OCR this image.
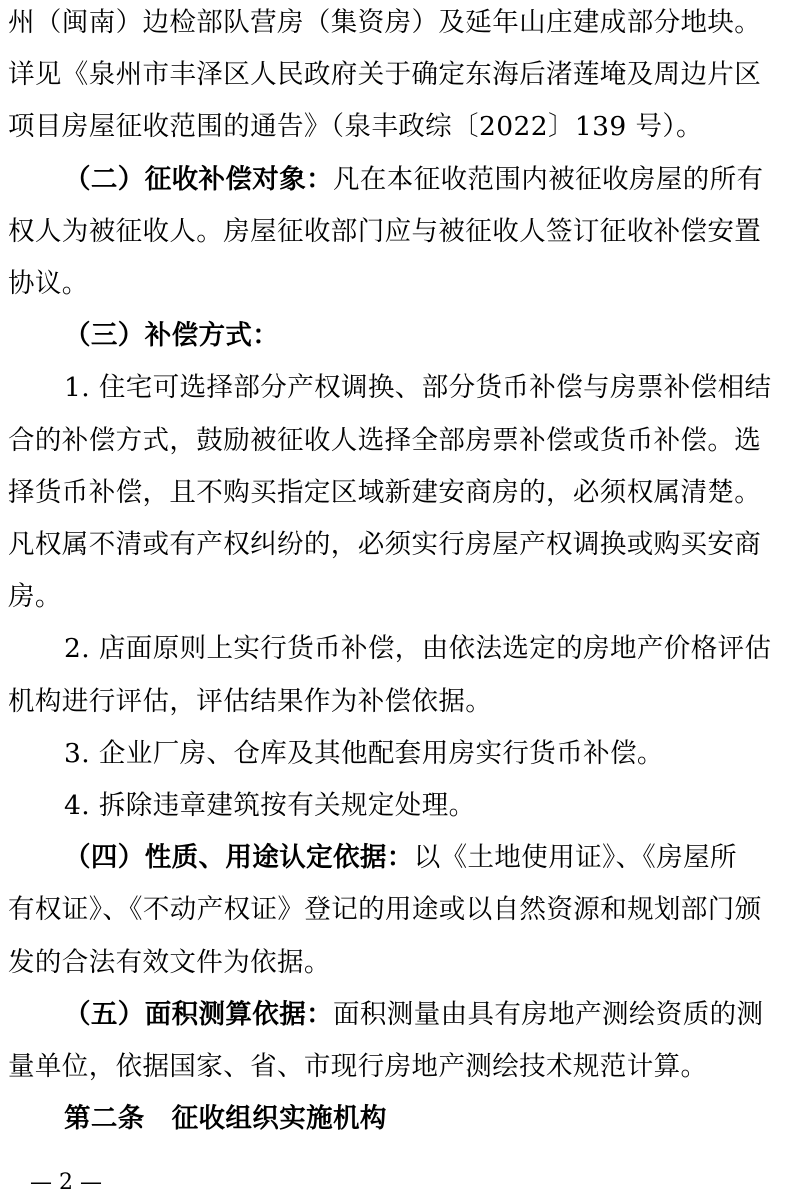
州（闽南）边检部队营房（集资房）及延年山庄建成部分地块。
详见《泉州市丰泽区人民政府关于确定东海后渚莲埯及周边片区
项目房屋征收范围的通告》（泉丰政综〔2022〕139 号）。
（二）征收补偿对象：凡在本征收范围内被征收房屋的所有
权人为被征收人。房屋征收部门应与被征收人签订征收补偿安置
协议。
（三）补偿方式：
1. 住宅可选择部分产权调换、部分货币补偿与房票补偿相结
合的补偿方式，鼓励被征收人选择全部房票补偿或货币补偿。选
择货币补偿，且不购买指定区域新建安商房的，必须权属清楚。
凡权属不清或有产权纠纷的，必须实行房屋产权调换或购买安商
房。
2. 店面原则上实行货币补偿，由依法选定的房地产价格评估
机构进行评估，评估结果作为补偿依据。
3. 企业厂房、仓库及其他配套用房实行货币补偿。
4. 拆除违章建筑按有关规定处理。
（四）性质、用途认定依据：以《土地使用证》、《房屋所
有权证》、《不动产权证》登记的用途或以自然资源和规划部门颁
发的合法有效文件为依据。
（五）面积测算依据：面积测量由具有房地产测绘资质的测
量单位，依据国家、省、市现行房地产测绘技术规范计算。
第二条　征收组织实施机构
— 2 —
